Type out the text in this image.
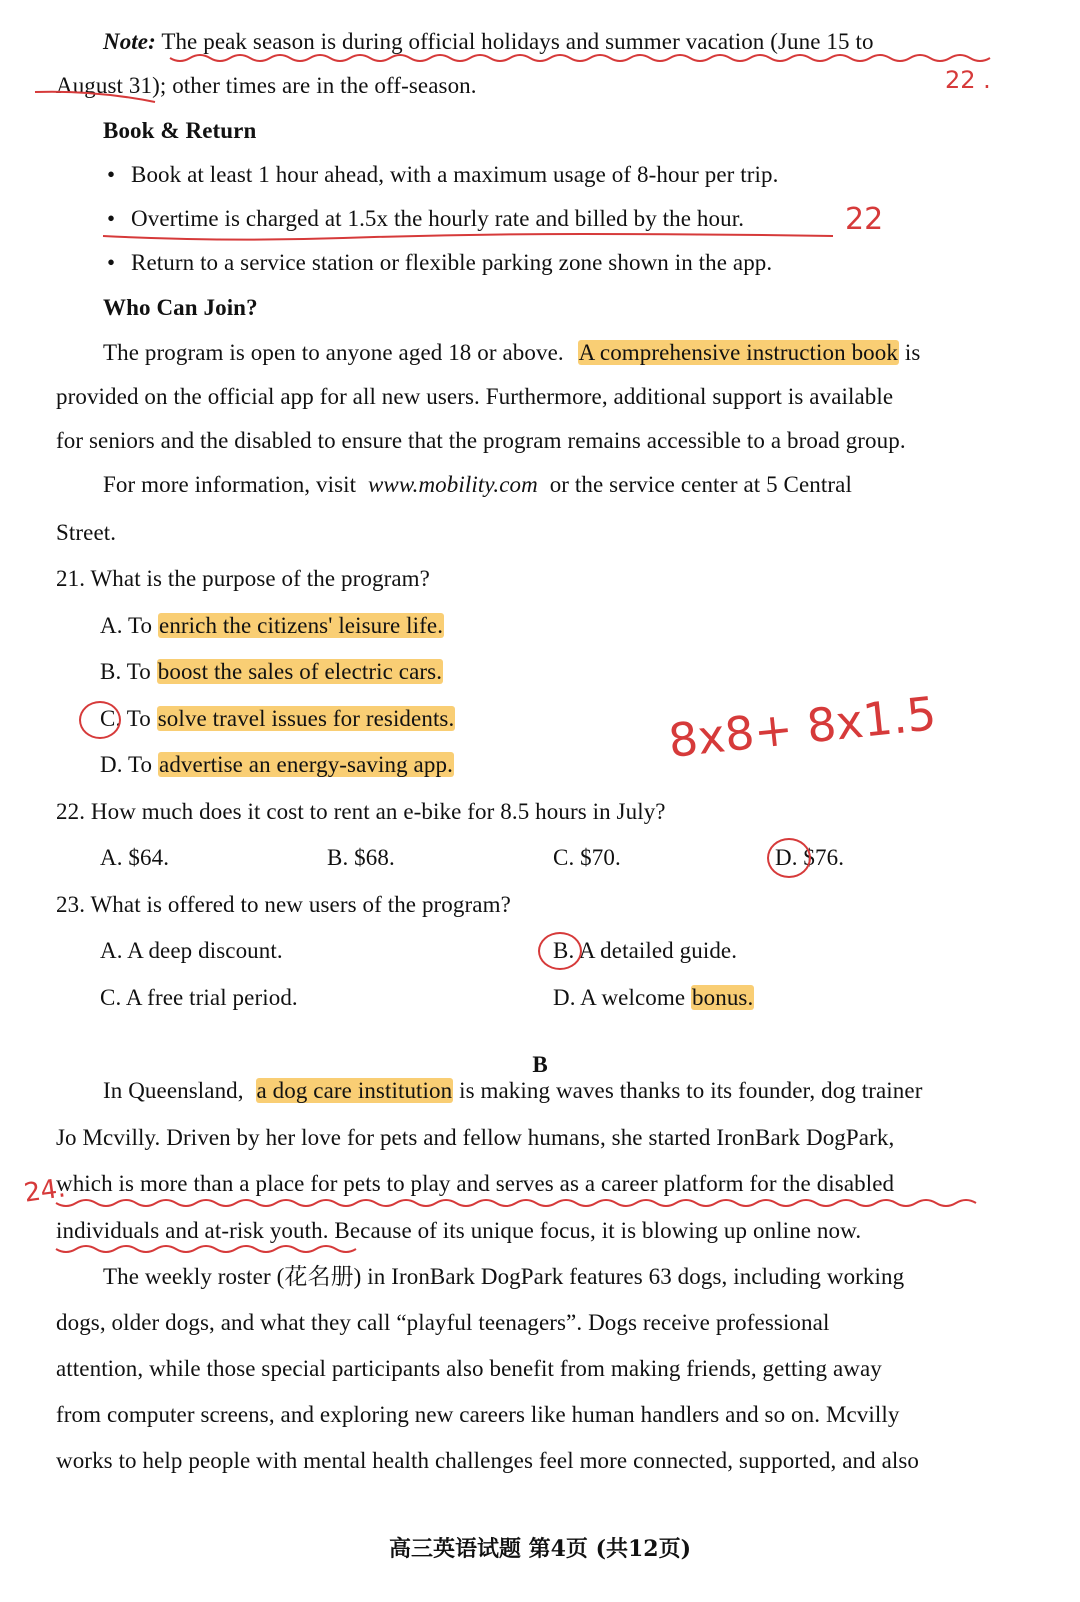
Note: The peak season is during official holidays and summer vacation (June 15 to
August 31); other times are in the off-season.
Book & Return
• Book at least 1 hour ahead, with a maximum usage of 8-hour per trip.
• Overtime is charged at 1.5x the hourly rate and billed by the hour.
• Return to a service station or flexible parking zone shown in the app.
Who Can Join?
The program is open to anyone aged 18 or above. A comprehensive instruction book is
provided on the official app for all new users. Furthermore, additional support is available
for seniors and the disabled to ensure that the program remains accessible to a broad group.
For more information, visit www.mobility.com or the service center at 5 Central
Street.
21. What is the purpose of the program?
A. To enrich the citizens' leisure life.
B. To boost the sales of electric cars.
C. To solve travel issues for residents.
D. To advertise an energy-saving app.
22. How much does it cost to rent an e-bike for 8.5 hours in July?
A. $64.	B. $68.	C. $70.	D. $76.
23. What is offered to new users of the program?
A. A deep discount.	B. A detailed guide.
C. A free trial period.	D. A welcome bonus.
B
In Queensland, a dog care institution is making waves thanks to its founder, dog trainer
Jo Mcvilly. Driven by her love for pets and fellow humans, she started IronBark DogPark,
which is more than a place for pets to play and serves as a career platform for the disabled
individuals and at-risk youth. Because of its unique focus, it is blowing up online now.
The weekly roster (花名册) in IronBark DogPark features 63 dogs, including working
dogs, older dogs, and what they call “playful teenagers”. Dogs receive professional
attention, while those special participants also benefit from making friends, getting away
from computer screens, and exploring new careers like human handlers and so on. Mcvilly
works to help people with mental health challenges feel more connected, supported, and also
高三英语试题 第4页 (共12页)
22 .
22
8x8+ 8x1.5
24.
